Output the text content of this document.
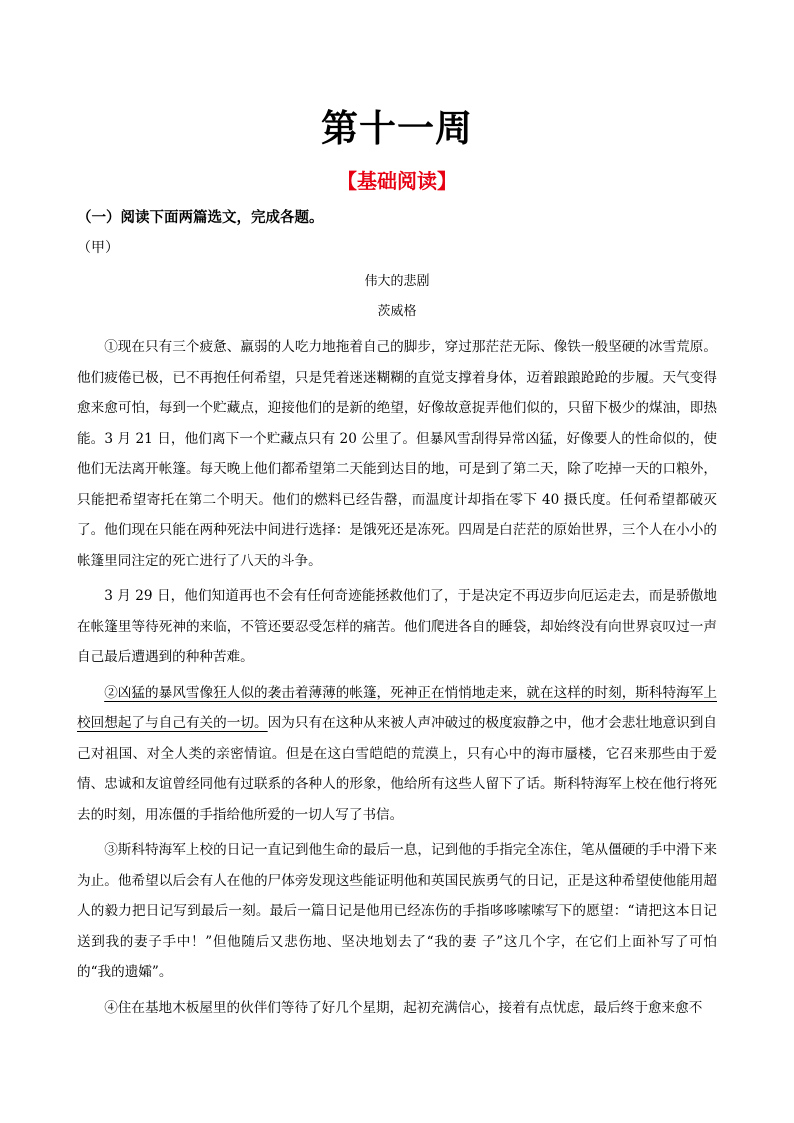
第十一周
【基础阅读】
（一）阅读下面两篇选文，完成各题。
（甲）
伟大的悲剧
茨威格

①现在只有三个疲惫、羸弱的人吃力地拖着自己的脚步，穿过那茫茫无际、像铁一般坚硬的冰雪荒原。他们疲倦已极，已不再抱任何希望，只是凭着迷迷糊糊的直觉支撑着身体，迈着踉踉跄跄的步履。天气变得愈来愈可怕，每到一个贮藏点，迎接他们的是新的绝望，好像故意捉弄他们似的，只留下极少的煤油，即热能。3 月 21 日，他们离下一个贮藏点只有 20 公里了。但暴风雪刮得异常凶猛，好像要人的性命似的，使他们无法离开帐篷。每天晚上他们都希望第二天能到达目的地，可是到了第二天，除了吃掉一天的口粮外，只能把希望寄托在第二个明天。他们的燃料已经告罄，而温度计却指在零下 40 摄氏度。任何希望都破灭了。他们现在只能在两种死法中间进行选择：是饿死还是冻死。四周是白茫茫的原始世界，三个人在小小的帐篷里同注定的死亡进行了八天的斗争。

3 月 29 日，他们知道再也不会有任何奇迹能拯救他们了，于是决定不再迈步向厄运走去，而是骄傲地在帐篷里等待死神的来临，不管还要忍受怎样的痛苦。他们爬进各自的睡袋，却始终没有向世界哀叹过一声自己最后遭遇到的种种苦难。

②凶猛的暴风雪像狂人似的袭击着薄薄的帐篷，死神正在悄悄地走来，就在这样的时刻，斯科特海军上校回想起了与自己有关的一切。因为只有在这种从来被人声冲破过的极度寂静之中，他才会悲壮地意识到自己对祖国、对全人类的亲密情谊。但是在这白雪皑皑的荒漠上，只有心中的海市蜃楼，它召来那些由于爱情、忠诚和友谊曾经同他有过联系的各种人的形象，他给所有这些人留下了话。斯科特海军上校在他行将死去的时刻，用冻僵的手指给他所爱的一切人写了书信。

③斯科特海军上校的日记一直记到他生命的最后一息，记到他的手指完全冻住，笔从僵硬的手中滑下来为止。他希望以后会有人在他的尸体旁发现这些能证明他和英国民族勇气的日记，正是这种希望使他能用超人的毅力把日记写到最后一刻。最后一篇日记是他用已经冻伤的手指哆哆嗦嗦写下的愿望：“请把这本日记送到我的妻子手中！”但他随后又悲伤地、坚决地划去了“我的妻 子”这几个字，在它们上面补写了可怕的“我的遗孀”。

④住在基地木板屋里的伙伴们等待了好几个星期，起初充满信心，接着有点忧虑，最后终于愈来愈不
